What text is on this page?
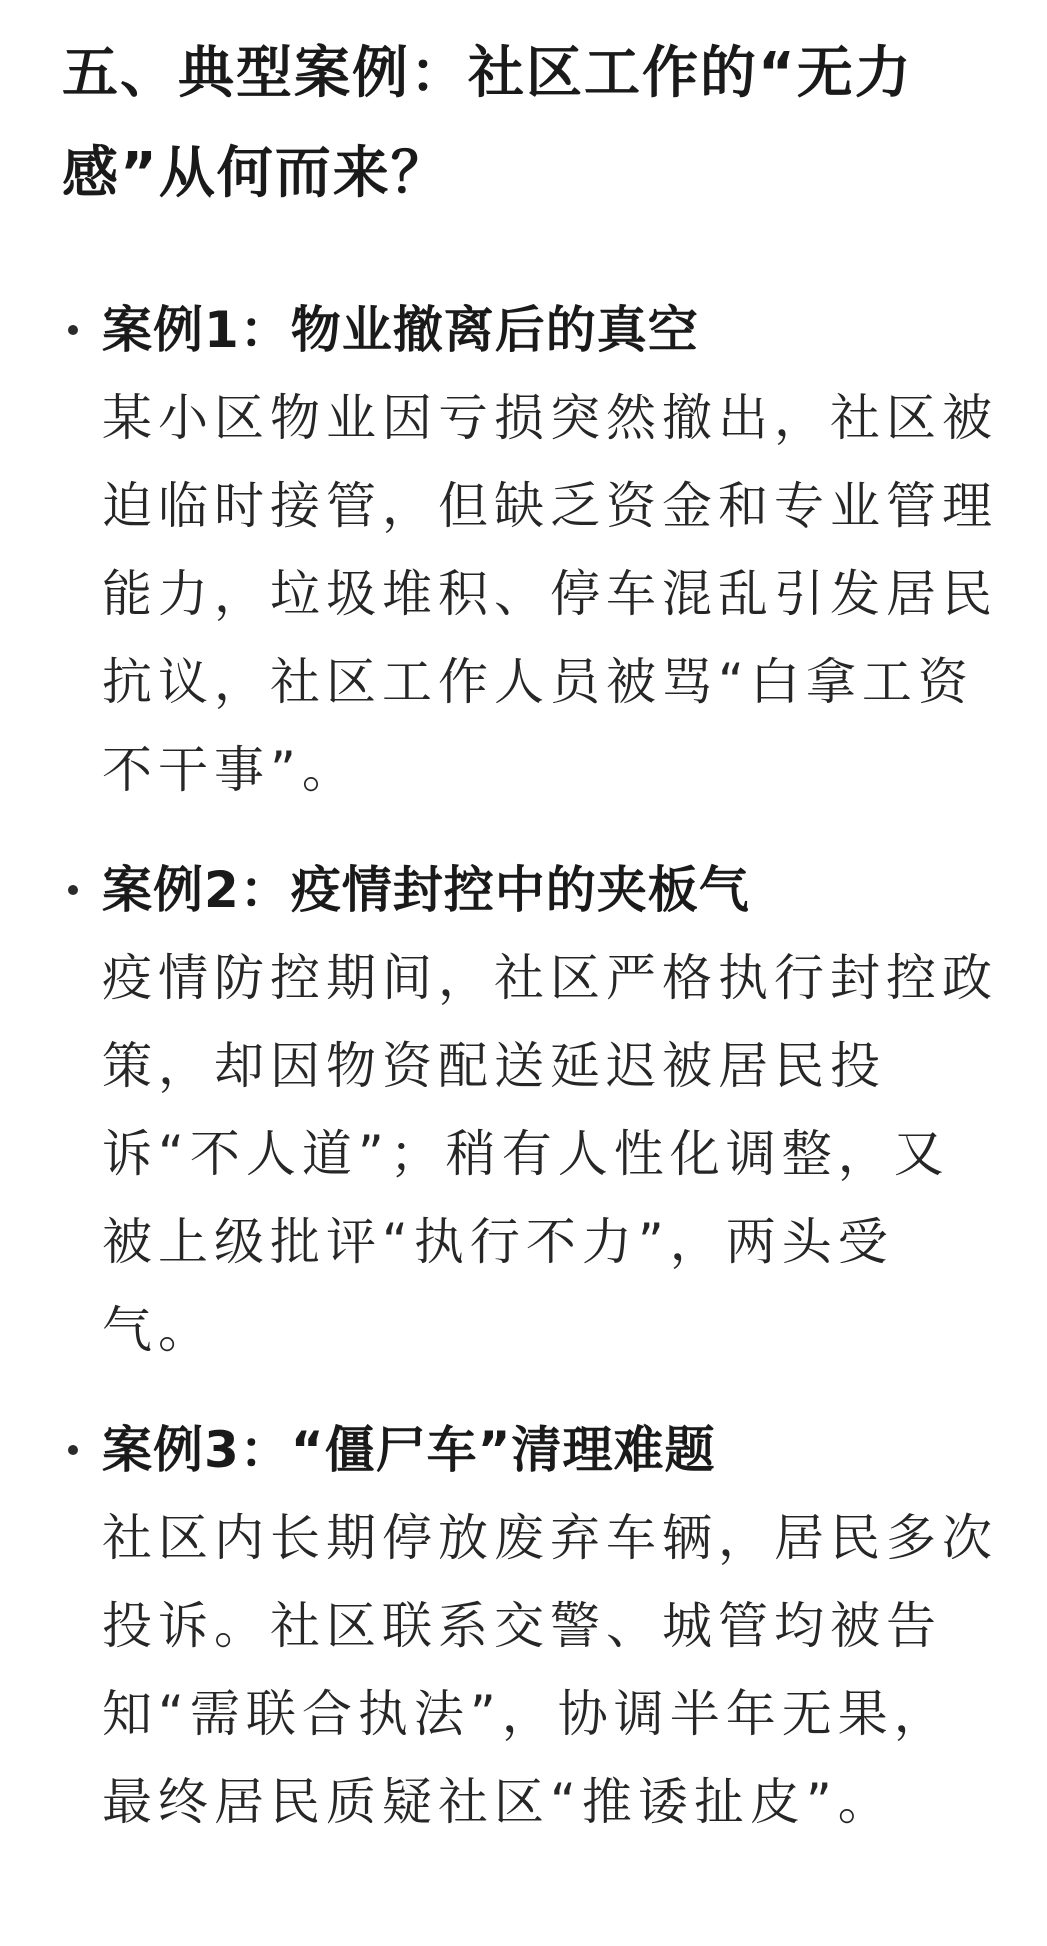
五、典型案例：社区工作的“无力感”从何而来？
案例1：物业撤离后的真空

某小区物业因亏损突然撤出，社区被迫临时接管，但缺乏资金和专业管理能力，垃圾堆积、停车混乱引发居民抗议，社区工作人员被骂“白拿工资不干事”。

案例2：疫情封控中的夹板气

疫情防控期间，社区严格执行封控政策，却因物资配送延迟被居民投诉“不人道”；稍有人性化调整，又被上级批评“执行不力”，两头受气。

案例3：“僵尸车”清理难题

社区内长期停放废弃车辆，居民多次投诉。社区联系交警、城管均被告知“需联合执法”，协调半年无果，最终居民质疑社区“推诿扯皮”。
